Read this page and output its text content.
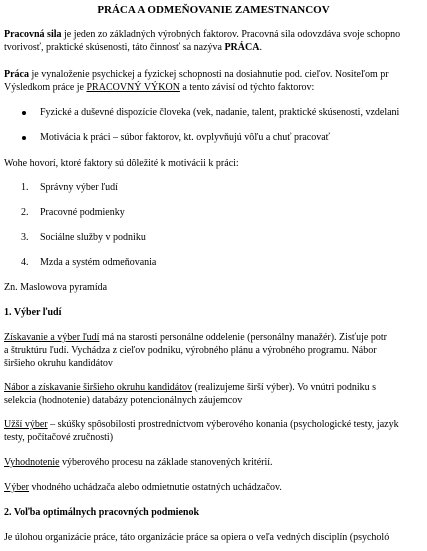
PRÁCA A ODMEŇOVANIE ZAMESTNANCOV
Pracovná sila je jeden zo základných výrobných faktorov. Pracovná sila odovzdáva svoje schopno
tvorivosť, praktické skúsenosti, táto činnosť sa nazýva PRÁCA.
Práca je vynaloženie psychickej a fyzickej schopnosti na dosiahnutie pod. cieľov. Nositeľom pr
Výsledkom práce je PRACOVNÝ VÝKON a tento závisí od týchto faktorov:
Fyzické a duševné dispozície človeka (vek, nadanie, talent, praktické skúsenosti, vzdelani
Motivácia k práci – súbor faktorov, kt. ovplyvňujú vôľu a chuť pracovať
Wohe hovorí, ktoré faktory sú dôležité k motivácii k práci:
1. Správny výber ľudí
2. Pracovné podmienky
3. Sociálne služby v podniku
4. Mzda a systém odmeňovania
Zn. Maslowova pyramída
1. Výber ľudí
Získavanie a výber ľudí má na starosti personálne oddelenie (personálny manažér). Zisťuje potr
a štruktúru ľudí. Vychádza z cieľov podniku, výrobného plánu a výrobného programu. Nábor
širšieho okruhu kandidátov
Nábor a získavanie širšieho okruhu kandidátov (realizujeme širší výber). Vo vnútri podniku s
selekcia (hodnotenie) databázy potencionálnych záujemcov
Užší výber – skúšky spôsobilosti prostredníctvom výberového konania (psychologické testy, jazyk
testy, počítačové zručnosti)
Vyhodnotenie výberového procesu na základe stanovených kritérií.
Výber vhodného uchádzača alebo odmietnutie ostatných uchádzačov.
2. Voľba optimálnych pracovných podmienok
Je úlohou organizácie práce, táto organizácie práce sa opiera o veľa vedných disciplín (psycholó
